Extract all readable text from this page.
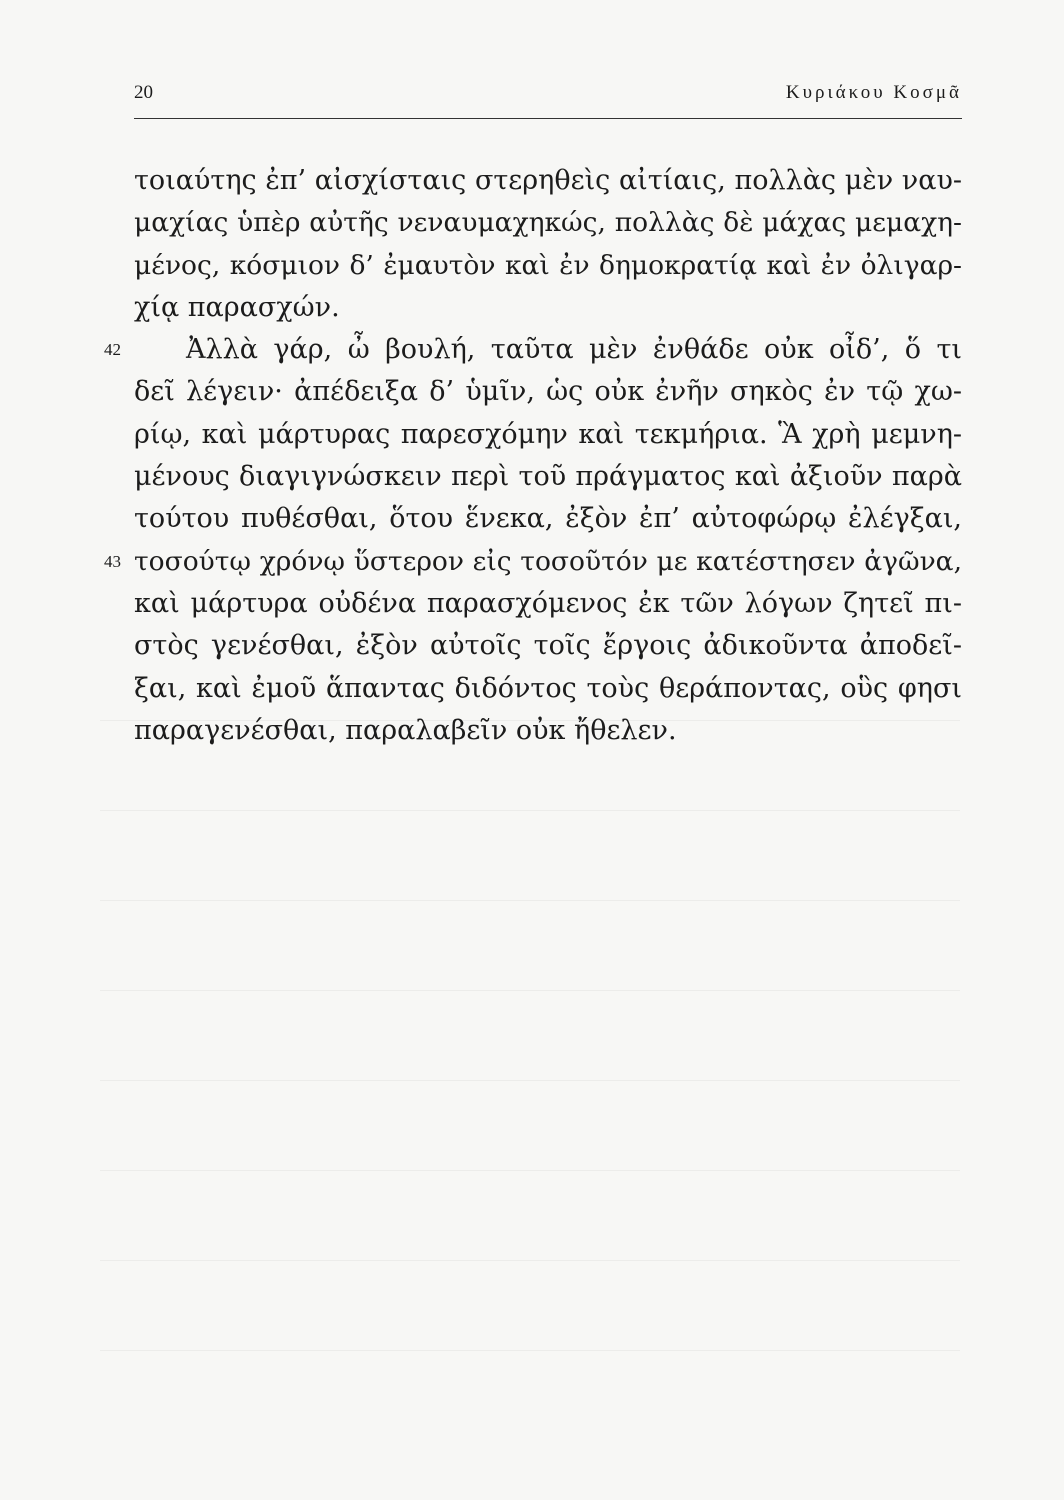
20	Κυριάκου Κοσμᾶ
τοιαύτης ἐπ’ αἰσχίσταις στερηθεὶς αἰτίαις, πολλὰς μὲν ναυ-
μαχίας ὑπὲρ αὐτῆς νεναυμαχηκώς, πολλὰς δὲ μάχας μεμαχη-
μένος, κόσμιον δ’ ἐμαυτὸν καὶ ἐν δημοκρατίᾳ καὶ ἐν ὀλιγαρ-
χίᾳ παρασχών.
42 Ἀλλὰ γάρ, ὦ βουλή, ταῦτα μὲν ἐνθάδε οὐκ οἶδ’, ὅ τι
δεῖ λέγειν· ἀπέδειξα δ’ ὑμῖν, ὡς οὐκ ἐνῆν σηκὸς ἐν τῷ χω-
ρίῳ, καὶ μάρτυρας παρεσχόμην καὶ τεκμήρια. Ἃ χρὴ μεμνη-
μένους διαγιγνώσκειν περὶ τοῦ πράγματος καὶ ἀξιοῦν παρὰ
τούτου πυθέσθαι, ὅτου ἕνεκα, ἐξὸν ἐπ’ αὐτοφώρῳ ἐλέγξαι,
43 τοσούτῳ χρόνῳ ὕστερον εἰς τοσοῦτόν με κατέστησεν ἀγῶνα,
καὶ μάρτυρα οὐδένα παρασχόμενος ἐκ τῶν λόγων ζητεῖ πι-
στὸς γενέσθαι, ἐξὸν αὐτοῖς τοῖς ἔργοις ἀδικοῦντα ἀποδεῖ-
ξαι, καὶ ἐμοῦ ἅπαντας διδόντος τοὺς θεράποντας, οὓς φησι
παραγενέσθαι, παραλαβεῖν οὐκ ἤθελεν.
